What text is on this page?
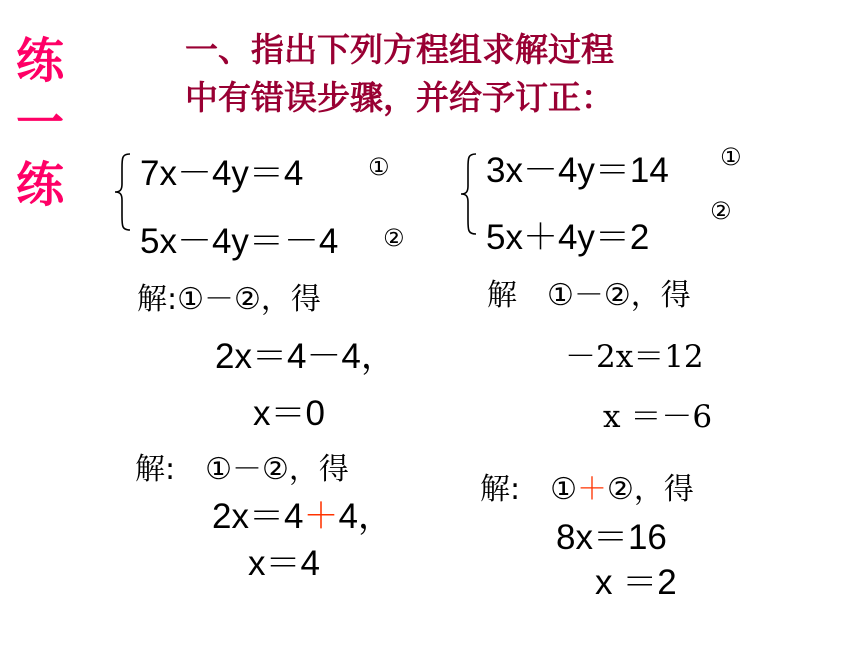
练
一
练
一、指出下列方程组求解过程
中有错误步骤，并给予订正：
7x－4y＝4	①
5x－4y＝－4 ②
解:①－②，得
2x＝4－4，
x＝0
解:　①－②，得
2x＝4＋4，
x＝4
3x－4y＝14 ①
5x＋4y＝2
②
解　①－②，得
－2x＝12
x ＝－6
解:　①＋②，得
8x＝16
x ＝2
